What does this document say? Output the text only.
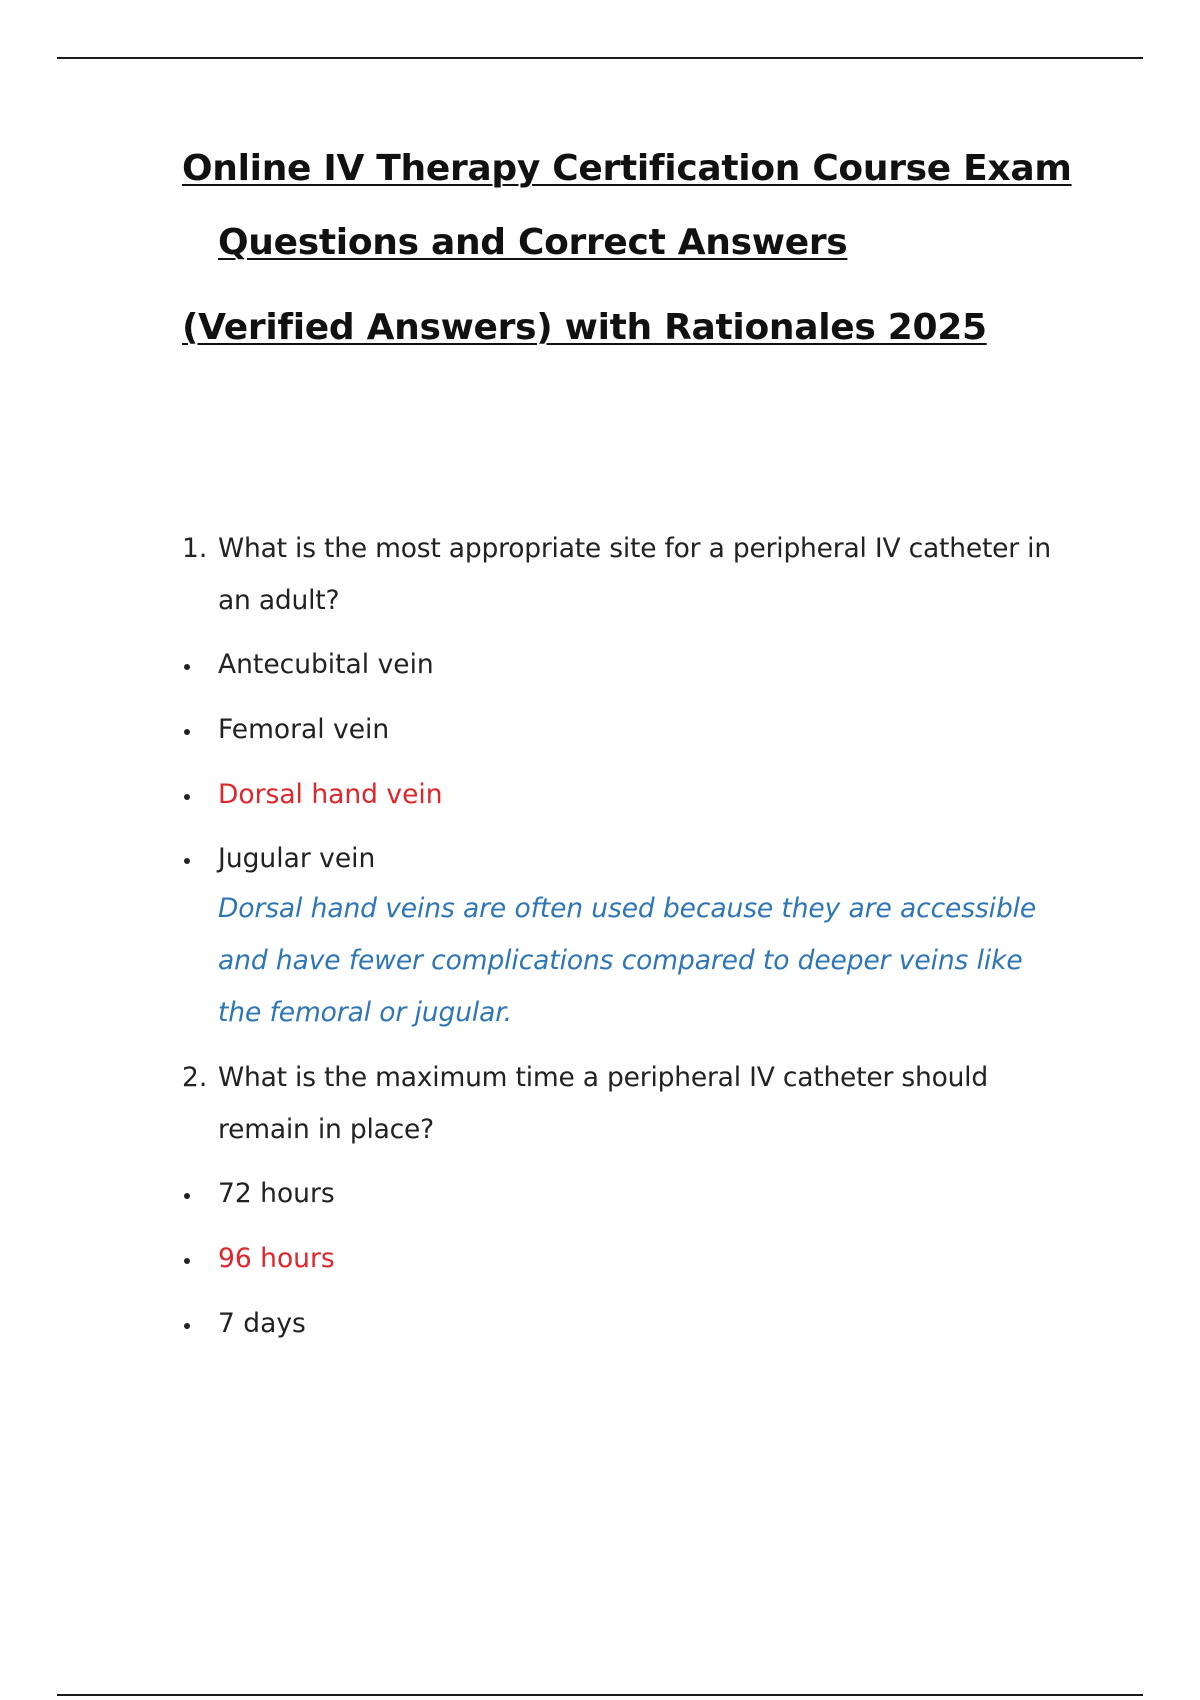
Online IV Therapy Certification Course Exam
Questions and Correct Answers
(Verified Answers) with Rationales 2025
1. What is the most appropriate site for a peripheral IV catheter in
an adult?
Antecubital vein
Femoral vein
Dorsal hand vein
Jugular vein
Dorsal hand veins are often used because they are accessible
and have fewer complications compared to deeper veins like
the femoral or jugular.
2. What is the maximum time a peripheral IV catheter should
remain in place?
72 hours
96 hours
7 days
